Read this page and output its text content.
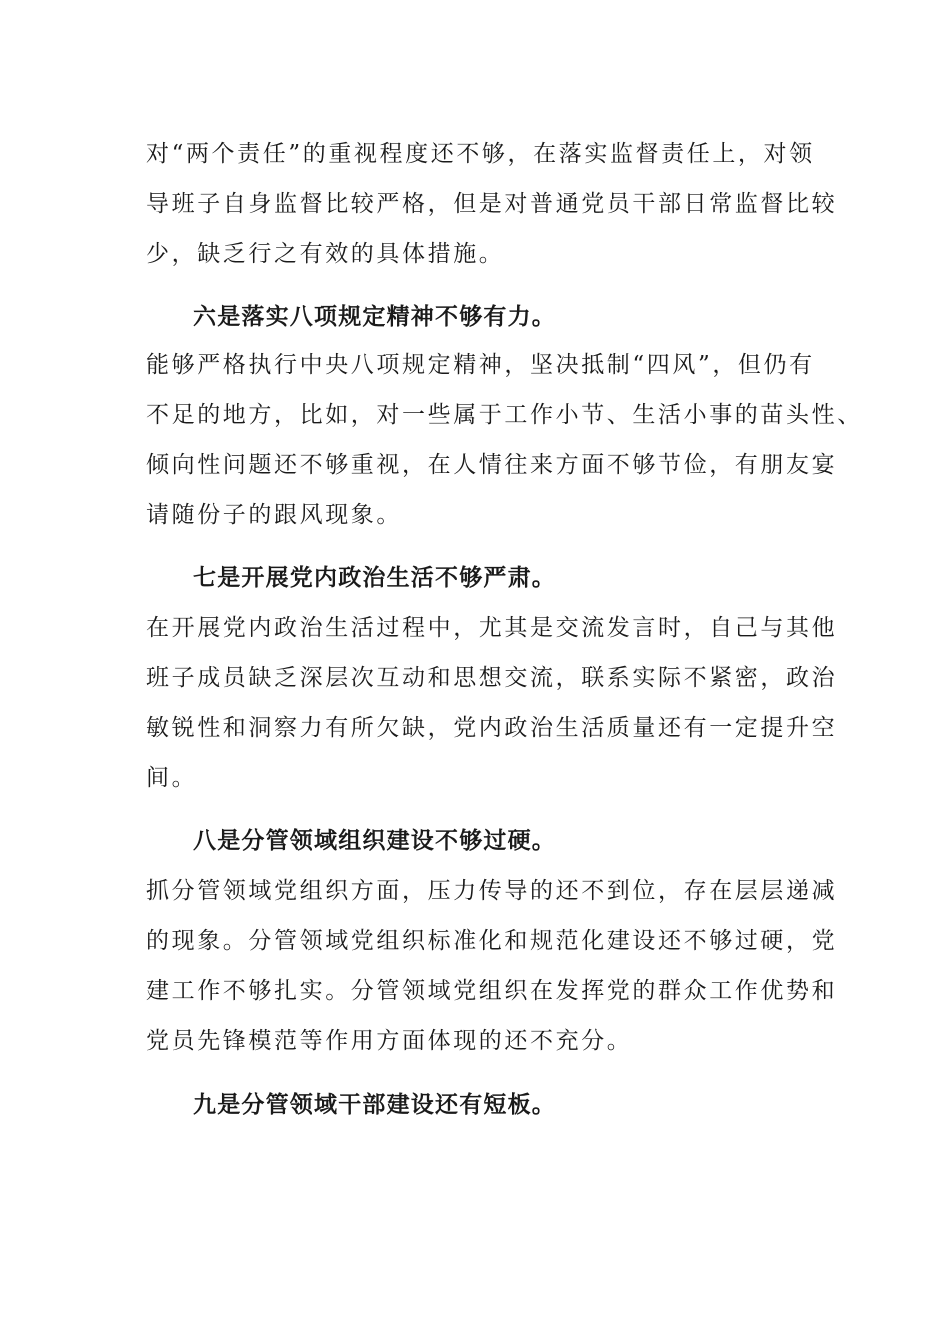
对“两个责任”的重视程度还不够，在落实监督责任上，对领
导班子自身监督比较严格，但是对普通党员干部日常监督比较
少，缺乏行之有效的具体措施。
六是落实八项规定精神不够有力。
能够严格执行中央八项规定精神，坚决抵制“四风”，但仍有
不足的地方，比如，对一些属于工作小节、生活小事的苗头性、
倾向性问题还不够重视，在人情往来方面不够节俭，有朋友宴
请随份子的跟风现象。
七是开展党内政治生活不够严肃。
在开展党内政治生活过程中，尤其是交流发言时，自己与其他
班子成员缺乏深层次互动和思想交流，联系实际不紧密，政治
敏锐性和洞察力有所欠缺，党内政治生活质量还有一定提升空
间。
八是分管领域组织建设不够过硬。
抓分管领域党组织方面，压力传导的还不到位，存在层层递减
的现象。分管领域党组织标准化和规范化建设还不够过硬，党
建工作不够扎实。分管领域党组织在发挥党的群众工作优势和
党员先锋模范等作用方面体现的还不充分。
九是分管领域干部建设还有短板。
